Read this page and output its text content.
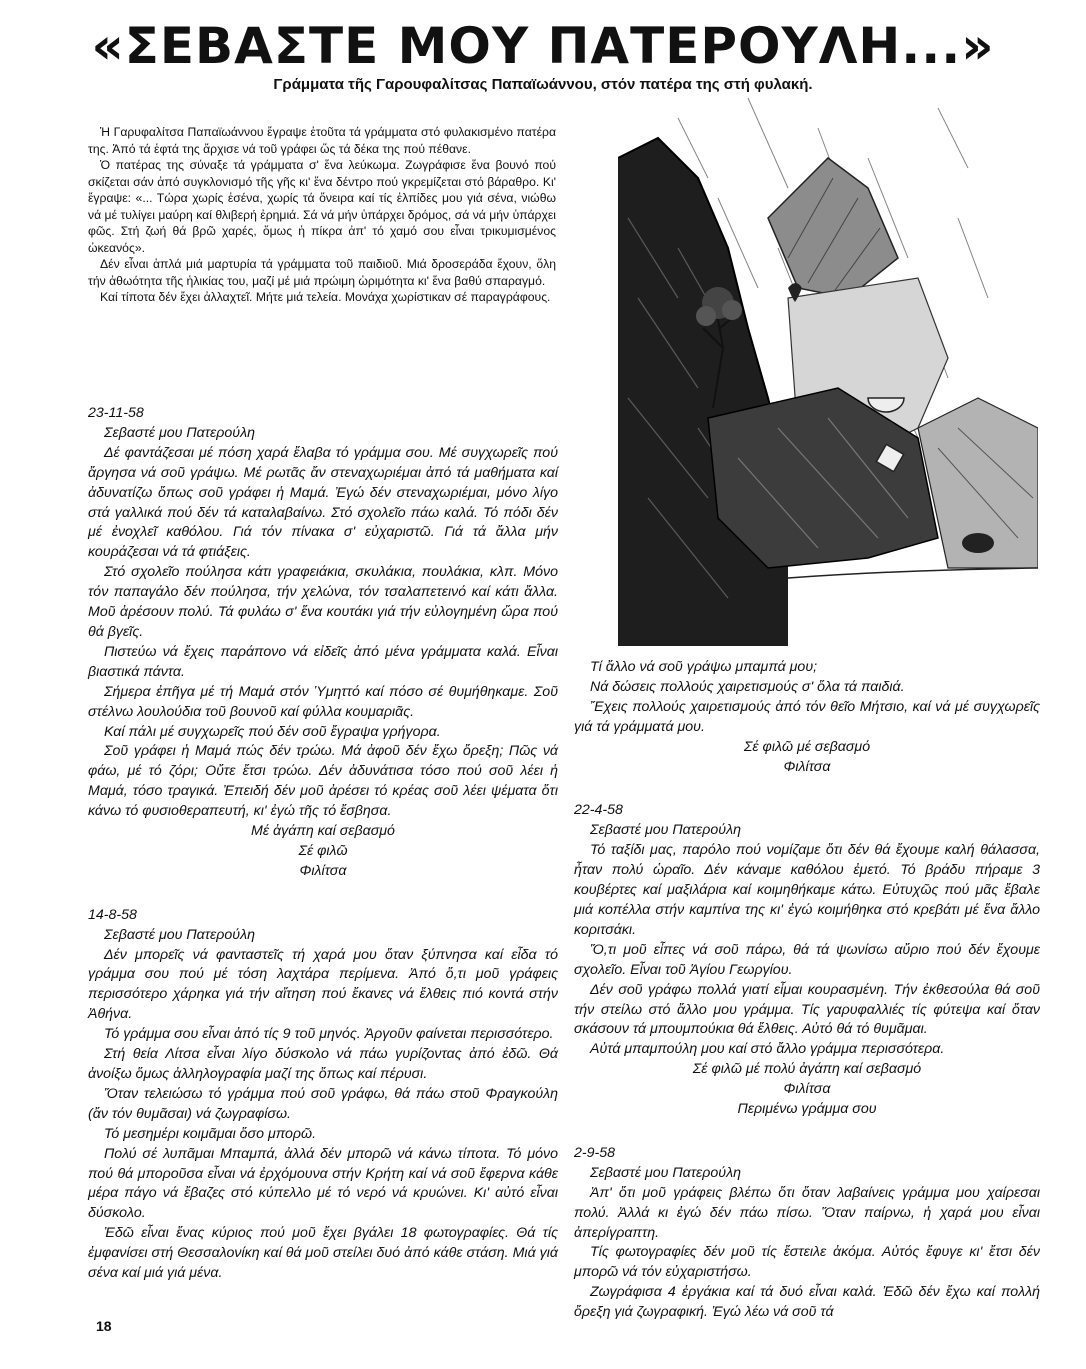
«ΣΕΒΑΣΤΕ ΜΟΥ ΠΑΤΕΡΟΥΛΗ...»
Γράμματα τῆς Γαρουφαλίτσας Παπαϊωάννου, στόν πατέρα της στή φυλακή.

Ἡ Γαρυφαλίτσα Παπαϊωάννου ἔγραψε ἐτοῦτα τά γράμματα στό φυλακισμένο πατέρα της. Ἀπό τά ἑφτά της ἄρχισε νά τοῦ γράφει ὥς τά δέκα της πού πέθανε.

Ὁ πατέρας της σύναξε τά γράμματα σ' ἕνα λεύκωμα. Ζωγράφισε ἕνα βουνό πού σκίζεται σάν ἀπό συγκλονισμό τῆς γῆς κι' ἕνα δέντρο πού γκρεμίζεται στό βάραθρο. Κι' ἔγραψε: «... Τώρα χωρίς ἐσένα, χωρίς τά ὄνειρα καί τίς ἐλπίδες μου γιά σένα, νιώθω νά μέ τυλίγει μαύρη καί θλιβερή ἐρημιά. Σά νά μήν ὑπάρχει δρόμος, σά νά μήν ὑπάρχει φῶς. Στή ζωή θά βρῶ χαρές, ὅμως ἡ πίκρα ἀπ' τό χαμό σου εἶναι τρικυμισμένος ὠκεανός».

Δέν εἶναι ἁπλά μιά μαρτυρία τά γράμματα τοῦ παιδιοῦ. Μιά δροσεράδα ἔχουν, ὅλη τήν ἀθωότητα τῆς ἡλικίας του, μαζί μέ μιά πρώιμη ὡριμότητα κι' ἕνα βαθύ σπαραγμό.

Καί τίποτα δέν ἔχει ἀλλαχτεῖ. Μήτε μιά τελεία. Μονάχα χωρίστικαν σέ παραγράφους.

23-11-58

Σεβαστέ μου Πατερούλη

Δέ φαντάζεσαι μέ πόση χαρά ἔλαβα τό γράμμα σου. Μέ συγχωρεῖς πού ἄργησα νά σοῦ γράψω. Μέ ρωτᾶς ἄν στεναχωριέμαι ἀπό τά μαθήματα καί ἀδυνατίζω ὅπως σοῦ γράφει ἡ Μαμά. Ἐγώ δέν στεναχωριέμαι, μόνο λίγο στά γαλλικά πού δέν τά καταλαβαίνω. Στό σχολεῖο πάω καλά. Τό πόδι δέν μέ ἐνοχλεῖ καθόλου. Γιά τόν πίνακα σ' εὐχαριστῶ. Γιά τά ἄλλα μήν κουράζεσαι νά τά φτιάξεις.

Στό σχολεῖο πούλησα κάτι γραφειάκια, σκυλάκια, πουλάκια, κλπ. Μόνο τόν παπαγάλο δέν πούλησα, τήν χελώνα, τόν τσαλαπετεινό καί κάτι ἄλλα. Μοῦ ἀρέσουν πολύ. Τά φυλάω σ' ἕνα κουτάκι γιά τήν εὐλογημένη ὥρα πού θά βγεῖς.

Πιστεύω νά ἔχεις παράπονο νά εἰδεῖς ἀπό μένα γράμματα καλά. Εἶναι βιαστικά πάντα.

Σήμερα ἐπῆγα μέ τή Μαμά στόν Ὑμηττό καί πόσο σέ θυμήθηκαμε. Σοῦ στέλνω λουλούδια τοῦ βουνοῦ καί φύλλα κουμαριᾶς.

Καί πάλι μέ συγχωρεῖς πού δέν σοῦ ἔγραψα γρήγορα.

Σοῦ γράφει ἡ Μαμά πώς δέν τρώω. Μά ἀφοῦ δέν ἔχω ὄρεξη; Πῶς νά φάω, μέ τό ζόρι; Οὔτε ἔτσι τρώω. Δέν ἀδυνάτισα τόσο πού σοῦ λέει ἡ Μαμά, τόσο τραγικά. Ἐπειδή δέν μοῦ ἀρέσει τό κρέας σοῦ λέει ψέματα ὅτι κάνω τό φυσιοθεραπευτή, κι' ἐγώ τῆς τό ἔσβησα.

Μέ ἀγάπη καί σεβασμό

Σέ φιλῶ

Φιλίτσα

14-8-58

Σεβαστέ μου Πατερούλη

Δέν μπορεῖς νά φανταστεῖς τή χαρά μου ὅταν ξύπνησα καί εἶδα τό γράμμα σου πού μέ τόση λαχτάρα περίμενα. Ἀπό ὅ,τι μοῦ γράφεις περισσότερο χάρηκα γιά τήν αἴτηση πού ἔκανες νά ἔλθεις πιό κοντά στήν Ἀθήνα.

Τό γράμμα σου εἶναι ἀπό τίς 9 τοῦ μηνός. Ἀργοῦν φαίνεται περισσότερο.

Στή θεία Λίτσα εἶναι λίγο δύσκολο νά πάω γυρίζοντας ἀπό ἐδῶ. Θά ἀνοίξω ὅμως ἀλληλογραφία μαζί της ὅπως καί πέρυσι.

Ὅταν τελειώσω τό γράμμα πού σοῦ γράφω, θά πάω στοῦ Φραγκούλη (ἄν τόν θυμᾶσαι) νά ζωγραφίσω.

Τό μεσημέρι κοιμᾶμαι ὅσο μπορῶ.

Πολύ σέ λυπᾶμαι Μπαμπά, ἀλλά δέν μπορῶ νά κάνω τίποτα. Τό μόνο πού θά μποροῦσα εἶναι νά ἐρχόμουνα στήν Κρήτη καί νά σοῦ ἔφερνα κάθε μέρα πάγο νά ἔβαζες στό κύπελλο μέ τό νερό νά κρυώνει. Κι' αὐτό εἶναι δύσκολο.

Ἐδῶ εἶναι ἕνας κύριος πού μοῦ ἔχει βγάλει 18 φωτογραφίες. Θά τίς ἐμφανίσει στή Θεσσαλονίκη καί θά μοῦ στείλει δυό ἀπό κάθε στάση. Μιά γιά σένα καί μιά γιά μένα.

Τί ἄλλο νά σοῦ γράψω μπαμπά μου;

Νά δώσεις πολλούς χαιρετισμούς σ' ὅλα τά παιδιά.

Ἔχεις πολλούς χαιρετισμούς ἀπό τόν θεῖο Μήτσιο, καί νά μέ συγχωρεῖς γιά τά γράμματά μου.

Σέ φιλῶ μέ σεβασμό

Φιλίτσα

22-4-58

Σεβαστέ μου Πατερούλη

Τό ταξίδι μας, παρόλο πού νομίζαμε ὅτι δέν θά ἔχουμε καλή θάλασσα, ἦταν πολύ ὡραῖο. Δέν κάναμε καθόλου ἐμετό. Τό βράδυ πήραμε 3 κουβέρτες καί μαξιλάρια καί κοιμηθήκαμε κάτω. Εὐτυχῶς πού μᾶς ἔβαλε μιά κοπέλλα στήν καμπίνα της κι' ἐγώ κοιμήθηκα στό κρεβάτι μέ ἕνα ἄλλο κοριτσάκι.

Ὅ,τι μοῦ εἶπες νά σοῦ πάρω, θά τά ψωνίσω αὔριο πού δέν ἔχουμε σχολεῖο. Εἶναι τοῦ Ἁγίου Γεωργίου.

Δέν σοῦ γράφω πολλά γιατί εἶμαι κουρασμένη. Τήν ἐκθεσούλα θά σοῦ τήν στείλω στό ἄλλο μου γράμμα. Τίς γαρυφαλλιές τίς φύτεψα καί ὅταν σκάσουν τά μπουμπούκια θά ἔλθεις. Αὐτό θά τό θυμᾶμαι.

Αὐτά μπαμπούλη μου καί στό ἄλλο γράμμα περισσότερα.

Σέ φιλῶ μέ πολύ ἀγάπη καί σεβασμό

Φιλίτσα

Περιμένω γράμμα σου

2-9-58

Σεβαστέ μου Πατερούλη

Ἀπ' ὅτι μοῦ γράφεις βλέπω ὅτι ὅταν λαβαίνεις γράμμα μου χαίρεσαι πολύ. Ἀλλά κι ἐγώ δέν πάω πίσω. Ὅταν παίρνω, ἡ χαρά μου εἶναι ἀπερίγραπτη.

Τίς φωτογραφίες δέν μοῦ τίς ἔστειλε ἀκόμα. Αὐτός ἔφυγε κι' ἔτσι δέν μπορῶ νά τόν εὐχαριστήσω.

Ζωγράφισα 4 ἐργάκια καί τά δυό εἶναι καλά. Ἐδῶ δέν ἔχω καί πολλή ὄρεξη γιά ζωγραφική. Ἐγώ λέω νά σοῦ τά

18
